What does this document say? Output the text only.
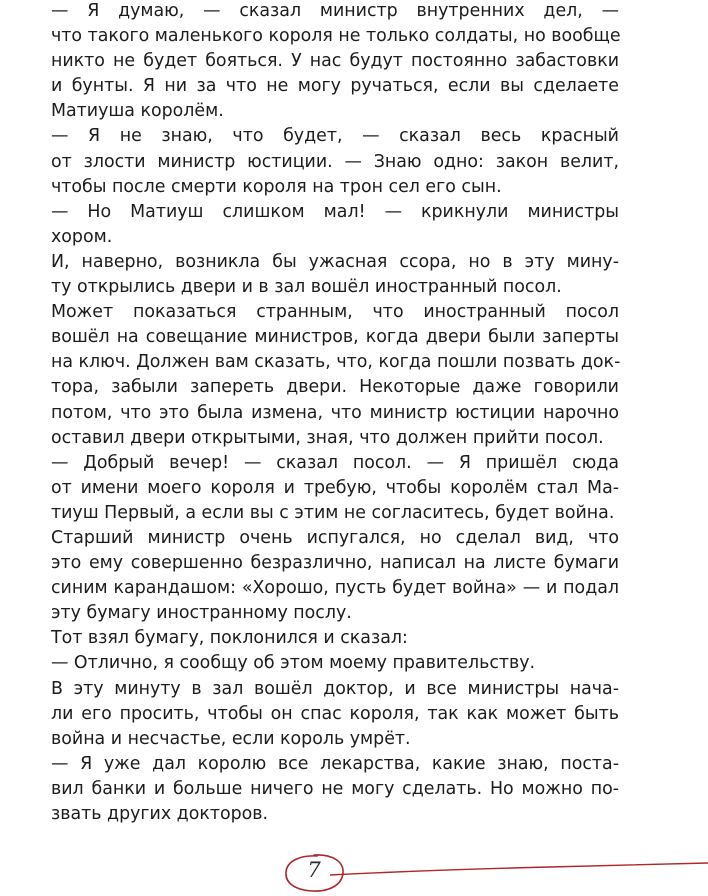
— Я думаю, — сказал министр внутренних дел, —
что такого маленького короля не только солдаты, но вообще
никто не будет бояться. У нас будут постоянно забастовки
и бунты. Я ни за что не могу ручаться, если вы сделаете
Матиуша королём.

— Я не знаю, что будет, — сказал весь красный
от злости министр юстиции. — Знаю одно: закон велит,
чтобы после смерти короля на трон сел его сын.

— Но Матиуш слишком мал! — крикнули министры
хором.

И, наверно, возникла бы ужасная ссора, но в эту мину-
ту открылись двери и в зал вошёл иностранный посол.

Может показаться странным, что иностранный посол
вошёл на совещание министров, когда двери были заперты
на ключ. Должен вам сказать, что, когда пошли позвать док-
тора, забыли запереть двери. Некоторые даже говорили
потом, что это была измена, что министр юстиции нарочно
оставил двери открытыми, зная, что должен прийти посол.

— Добрый вечер! — сказал посол. — Я пришёл сюда
от имени моего короля и требую, чтобы королём стал Ма-
тиуш Первый, а если вы с этим не согласитесь, будет война.

Старший министр очень испугался, но сделал вид, что
это ему совершенно безразлично, написал на листе бумаги
синим карандашом: «Хорошо, пусть будет война» — и подал
эту бумагу иностранному послу.

Тот взял бумагу, поклонился и сказал:

— Отлично, я сообщу об этом моему правительству.

В эту минуту в зал вошёл доктор, и все министры нача-
ли его просить, чтобы он спас короля, так как может быть
война и несчастье, если король умрёт.

— Я уже дал королю все лекарства, какие знаю, поста-
вил банки и больше ничего не могу сделать. Но можно по-
звать других докторов.

7
